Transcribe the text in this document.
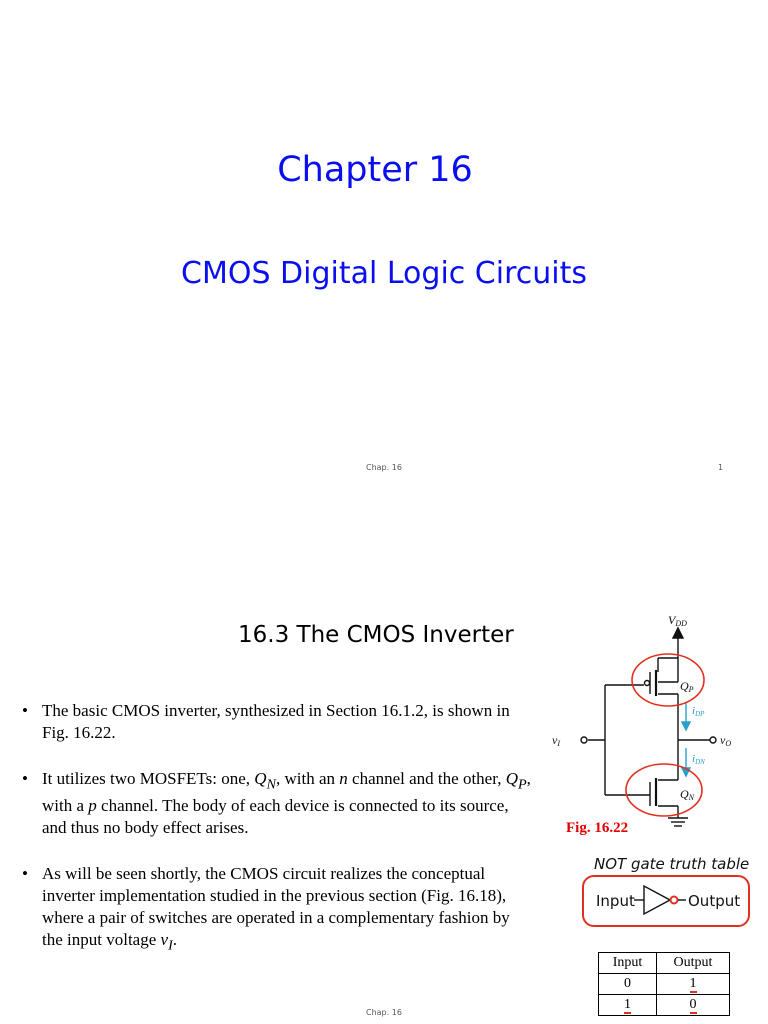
Chapter 16
CMOS Digital Logic Circuits
Chap. 16	1
16.3 The CMOS Inverter
• The basic CMOS inverter, synthesized in Section 16.1.2, is shown in Fig. 16.22.
• It utilizes two MOSFETs: one, $Q_N$, with an n channel and the other, $Q_P$, with a p channel. The body of each device is connected to its source, and thus no body effect arises.
• As will be seen shortly, the CMOS circuit realizes the conceptual inverter implementation studied in the previous section (Fig. 16.18), where a pair of switches are operated in a complementary fashion by the input voltage $v_I$.
VDD
vI	vO
QP
QN
iDP
iDN
Fig. 16.22
NOT gate truth table
Input	Output
Input	Output
0	1
1	0
Chap. 16
